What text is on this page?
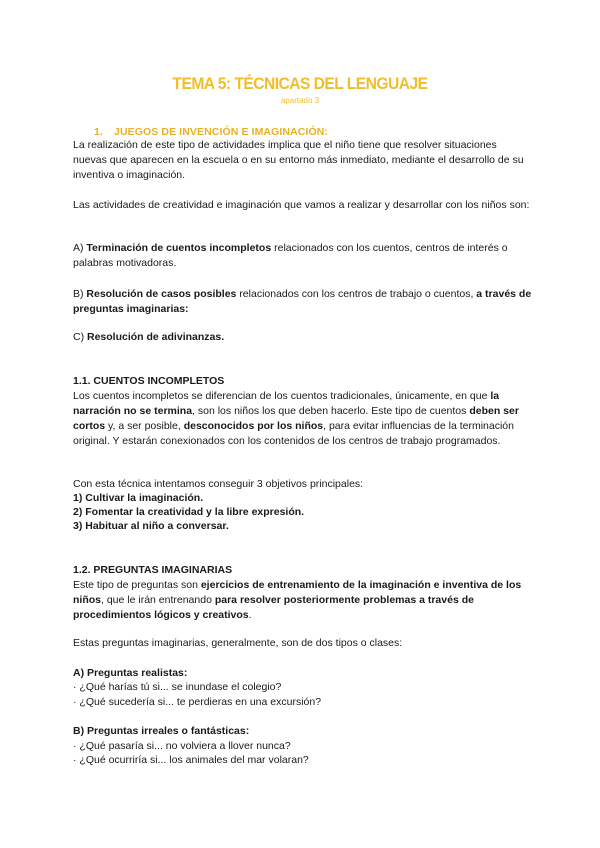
TEMA 5: TÉCNICAS DEL LENGUAJE
apartado 3
1. JUEGOS DE INVENCIÓN E IMAGINACIÓN:

La realización de este tipo de actividades implica que el niño tiene que resolver situaciones nuevas que aparecen en la escuela o en su entorno más inmediato, mediante el desarrollo de su inventiva o imaginación.

Las actividades de creatividad e imaginación que vamos a realizar y desarrollar con los niños son:

A) Terminación de cuentos incompletos relacionados con los cuentos, centros de interés o palabras motivadoras.

B) Resolución de casos posibles relacionados con los centros de trabajo o cuentos, a través de preguntas imaginarias:

C) Resolución de adivinanzas.

1.1. CUENTOS INCOMPLETOS

Los cuentos incompletos se diferencian de los cuentos tradicionales, únicamente, en que la narración no se termina, son los niños los que deben hacerlo. Este tipo de cuentos deben ser cortos y, a ser posible, desconocidos por los niños, para evitar influencias de la terminación original. Y estarán conexionados con los contenidos de los centros de trabajo programados.

Con esta técnica intentamos conseguir 3 objetivos principales:

1) Cultivar la imaginación.

2) Fomentar la creatividad y la libre expresión.

3) Habituar al niño a conversar.

1.2. PREGUNTAS IMAGINARIAS

Este tipo de preguntas son ejercicios de entrenamiento de la imaginación e inventiva de los niños, que le irán entrenando para resolver posteriormente problemas a través de procedimientos lógicos y creativos.

Estas preguntas imaginarias, generalmente, son de dos tipos o clases:

A) Preguntas realistas:

· ¿Qué harías tú si... se inundase el colegio?

· ¿Qué sucedería si... te perdieras en una excursión?

B) Preguntas irreales o fantásticas:

· ¿Qué pasaría si... no volviera a llover nunca?

· ¿Qué ocurriría si... los animales del mar volaran?
